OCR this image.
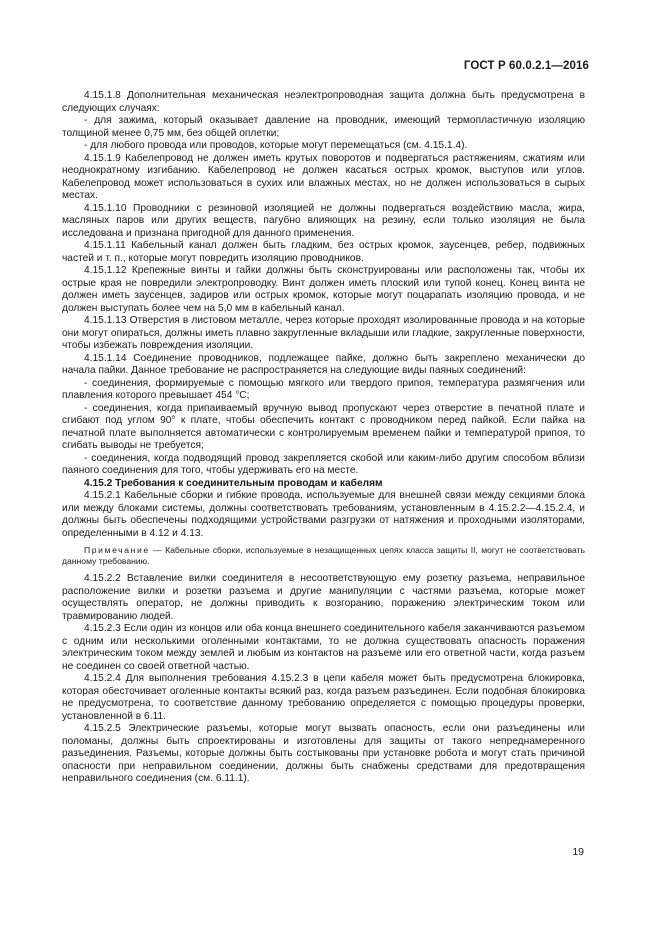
ГОСТ Р 60.0.2.1—2016

4.15.1.8 Дополнительная механическая неэлектропроводная защита должна быть предусмотрена в следующих случаях:

- для зажима, который оказывает давление на проводник, имеющий термопластичную изоляцию толщиной менее 0,75 мм, без общей оплетки;

- для любого провода или проводов, которые могут перемещаться (см. 4.15.1.4).

4.15.1.9 Кабелепровод не должен иметь крутых поворотов и подвергаться растяжениям, сжатиям или неоднократному изгибанию. Кабелепровод не должен касаться острых кромок, выступов или углов. Кабелепровод может использоваться в сухих или влажных местах, но не должен использоваться в сырых местах.

4.15.1.10 Проводники с резиновой изоляцией не должны подвергаться воздействию масла, жира, масляных паров или других веществ, пагубно влияющих на резину, если только изоляция не была исследована и признана пригодной для данного применения.

4.15.1.11 Кабельный канал должен быть гладким, без острых кромок, заусенцев, ребер, подвижных частей и т. п., которые могут повредить изоляцию проводников.

4.15.1.12 Крепежные винты и гайки должны быть сконструированы или расположены так, чтобы их острые края не повредили электропроводку. Винт должен иметь плоский или тупой конец. Конец винта не должен иметь заусенцев, задиров или острых кромок, которые могут поцарапать изоляцию провода, и не должен выступать более чем на 5,0 мм в кабельный канал.

4.15.1.13 Отверстия в листовом металле, через которые проходят изолированные провода и на которые они могут опираться, должны иметь плавно закругленные вкладыши или гладкие, закругленные поверхности, чтобы избежать повреждения изоляции.

4.15.1.14 Соединение проводников, подлежащее пайке, должно быть закреплено механически до начала пайки. Данное требование не распространяется на следующие виды паяных соединений:

- соединения, формируемые с помощью мягкого или твердого припоя, температура размягчения или плавления которого превышает 454 °С;

- соединения, когда припаиваемый вручную вывод пропускают через отверстие в печатной плате и сгибают под углом 90° к плате, чтобы обеспечить контакт с проводником перед пайкой. Если пайка на печатной плате выполняется автоматически с контролируемым временем пайки и температурой припоя, то сгибать выводы не требуется;

- соединения, когда подводящий провод закрепляется скобой или каким-либо другим способом вблизи паяного соединения для того, чтобы удерживать его на месте.

4.15.2 Требования к соединительным проводам и кабелям

4.15.2.1 Кабельные сборки и гибкие провода, используемые для внешней связи между секциями блока или между блоками системы, должны соответствовать требованиям, установленным в 4.15.2.2—4.15.2.4, и должны быть обеспечены подходящими устройствами разгрузки от натяжения и проходными изоляторами, определенными в 4.12 и 4.13.

Примечание — Кабельные сборки, используемые в незащищенных цепях класса защиты II, могут не соответствовать данному требованию.

4.15.2.2 Вставление вилки соединителя в несоответствующую ему розетку разъема, неправильное расположение вилки и розетки разъема и другие манипуляции с частями разъема, которые может осуществлять оператор, не должны приводить к возгоранию, поражению электрическим током или травмированию людей.

4.15.2.3 Если один из концов или оба конца внешнего соединительного кабеля заканчиваются разъемом с одним или несколькими оголенными контактами, то не должна существовать опасность поражения электрическим током между землей и любым из контактов на разъеме или его ответной части, когда разъем не соединен со своей ответной частью.

4.15.2.4 Для выполнения требования 4.15.2.3 в цепи кабеля может быть предусмотрена блокировка, которая обесточивает оголенные контакты всякий раз, когда разъем разъединен. Если подобная блокировка не предусмотрена, то соответствие данному требованию определяется с помощью процедуры проверки, установленной в 6.11.

4.15.2.5 Электрические разъемы, которые могут вызвать опасность, если они разъединены или поломаны, должны быть спроектированы и изготовлены для защиты от такого непреднамеренного разъединения. Разъемы, которые должны быть состыкованы при установке робота и могут стать причиной опасности при неправильном соединении, должны быть снабжены средствами для предотвращения неправильного соединения (см. 6.11.1).

19
